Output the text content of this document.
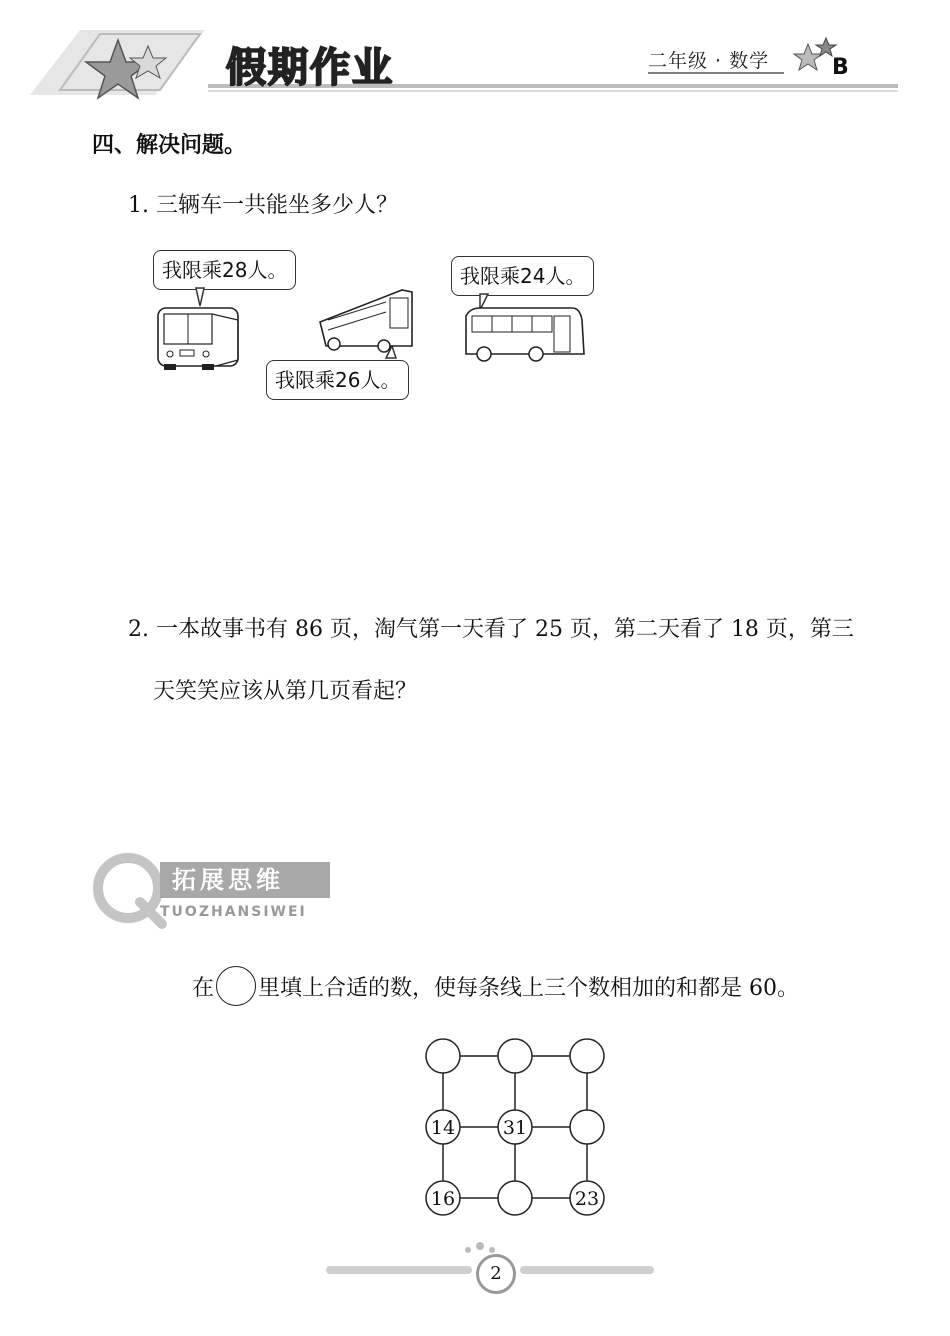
假期作业	二年级 · 数学	B
四、解决问题。
1. 三辆车一共能坐多少人？
我限乘28人。
我限乘26人。
我限乘24人。
2. 一本故事书有 86 页，淘气第一天看了 25 页，第二天看了 18 页，第三
天笑笑应该从第几页看起？
拓展思维
TUOZHANSIWEI
在 里填上合适的数，使每条线上三个数相加的和都是 60。
14	31
16	23
2
